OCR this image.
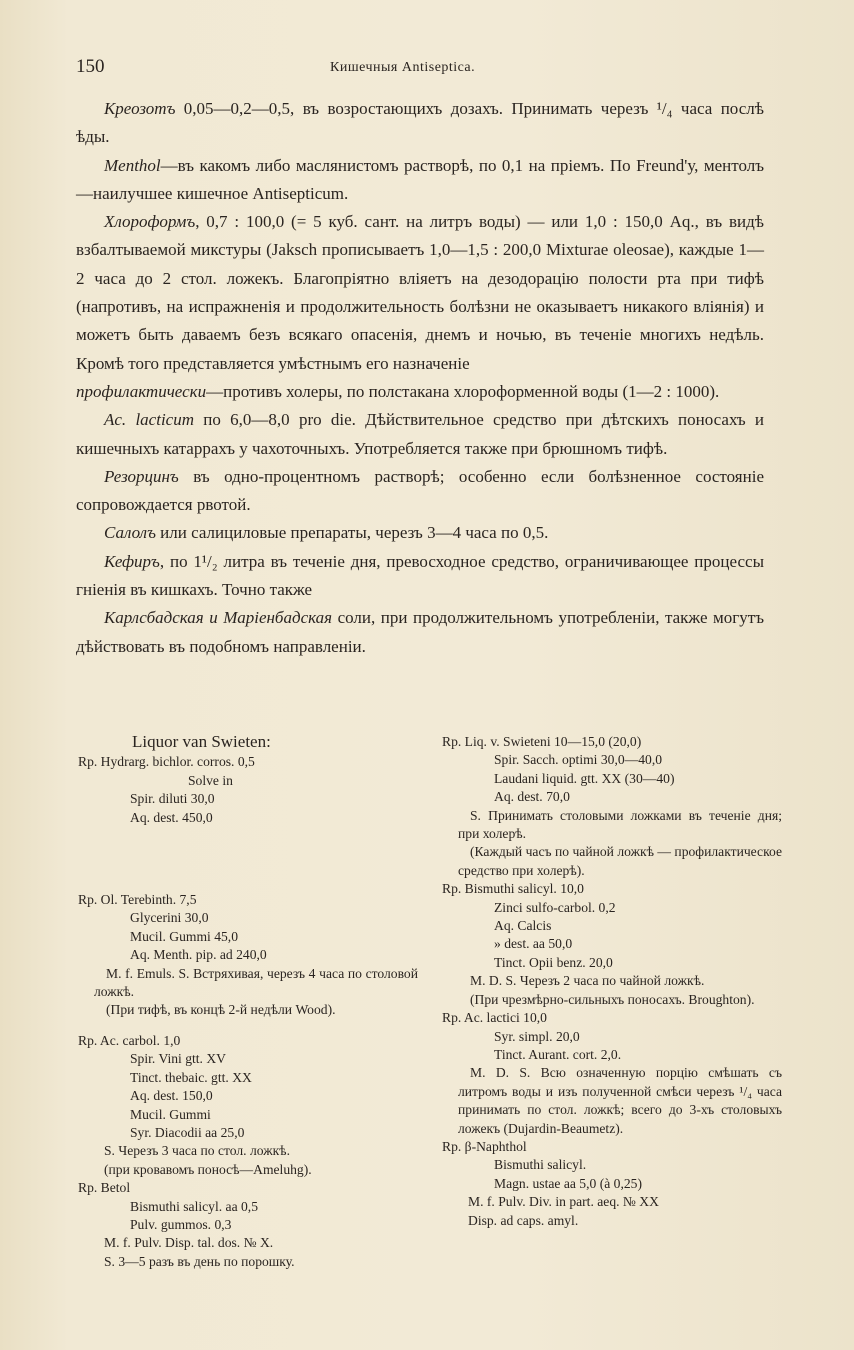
150	Кишечныя Antiseptica.

Креозотъ 0,05—0,2—0,5, въ возростающихъ дозахъ. Принимать черезъ ¹/₄ часа послѣ ѣды.

Menthol—въ какомъ либо маслянистомъ растворѣ, по 0,1 на пріемъ. По Freund'у, ментолъ—наилучшее кишечное Antisepticum.

Хлороформъ, 0,7 : 100,0 (= 5 куб. сант. на литръ воды) — или 1,0 : 150,0 Aq., въ видѣ взбалтываемой микстуры (Jaksch прописываетъ 1,0—1,5 : 200,0 Mixturae oleosae), каждые 1—2 часа до 2 стол. ложекъ. Благопріятно вліяетъ на дезодорацію полости рта при тифѣ (напротивъ, на испражненія и продолжительность болѣзни не оказываетъ никакого вліянія) и можетъ быть даваемъ безъ всякаго опасенія, днемъ и ночью, въ теченіе многихъ недѣль. Кромѣ того представляется умѣстнымъ его назначеніе

профилактически—противъ холеры, по полстакана хлороформенной воды (1—2 : 1000).

Ac. lacticum по 6,0—8,0 pro die. Дѣйствительное средство при дѣтскихъ поносахъ и кишечныхъ катаррахъ у чахоточныхъ. Употребляется также при брюшномъ тифѣ.

Резорцинъ въ одно-процентномъ растворѣ; особенно если болѣзненное состояніе сопровождается рвотой.

Салолъ или салициловые препараты, черезъ 3—4 часа по 0,5.

Кефиръ, по 1¹/₂ литра въ теченіе дня, превосходное средство, ограничивающее процессы гніенія въ кишкахъ. Точно также

Карлсбадская и Маріенбадская соли, при продолжительномъ употребленіи, также могутъ дѣйствовать въ подобномъ направленіи.

Liquor van Swieten:
Rp. Hydrarg. bichlor. corros. 0,5
Solve in
Spir. diluti 30,0
Aq. dest. 450,0
Rp. Ol. Terebinth. 7,5
Glycerini 30,0
Mucil. Gummi 45,0
Aq. Menth. pip. ad 240,0
M. f. Emuls. S. Встряхивая, черезъ 4 часа по столовой ложкѣ.
(При тифѣ, въ концѣ 2-й недѣли Wood).
Rp. Ac. carbol. 1,0
Spir. Vini gtt. XV
Tinct. thebaic. gtt. XX
Aq. dest. 150,0
Mucil. Gummi
Syr. Diacodii aa 25,0
S. Черезъ 3 часа по стол. ложкѣ.
(при кровавомъ поносѣ—Ameluhg).
Rp. Betol
Bismuthi salicyl. aa 0,5
Pulv. gummos. 0,3
M. f. Pulv. Disp. tal. dos. № X.
S. 3—5 разъ въ день по порошку.
Rp. Liq. v. Swieteni 10—15,0 (20,0)
Spir. Sacch. optimi 30,0—40,0
Laudani liquid. gtt. XX (30—40)
Aq. dest. 70,0
S. Принимать столовыми ложками въ теченіе дня; при холерѣ.
(Каждый часъ по чайной ложкѣ — профилактическое средство при холерѣ).
Rp. Bismuthi salicyl. 10,0
Zinci sulfo-carbol. 0,2
Aq. Calcis
» dest. aa 50,0
Tinct. Opii benz. 20,0
M. D. S. Черезъ 2 часа по чайной ложкѣ.
(При чрезмѣрно-сильныхъ поносахъ. Broughton).
Rp. Ac. lactici 10,0
Syr. simpl. 20,0
Tinct. Aurant. cort. 2,0.
M. D. S. Всю означенную порцію смѣшать съ литромъ воды и изъ полученной смѣси черезъ ¹/₄ часа принимать по стол. ложкѣ; всего до 3-хъ столовыхъ ложекъ (Dujardin-Beaumetz).
Rp. β-Naphthol
Bismuthi salicyl.
Magn. ustae aa 5,0 (à 0,25)
M. f. Pulv. Div. in part. aeq. № XX
Disp. ad caps. amyl.
